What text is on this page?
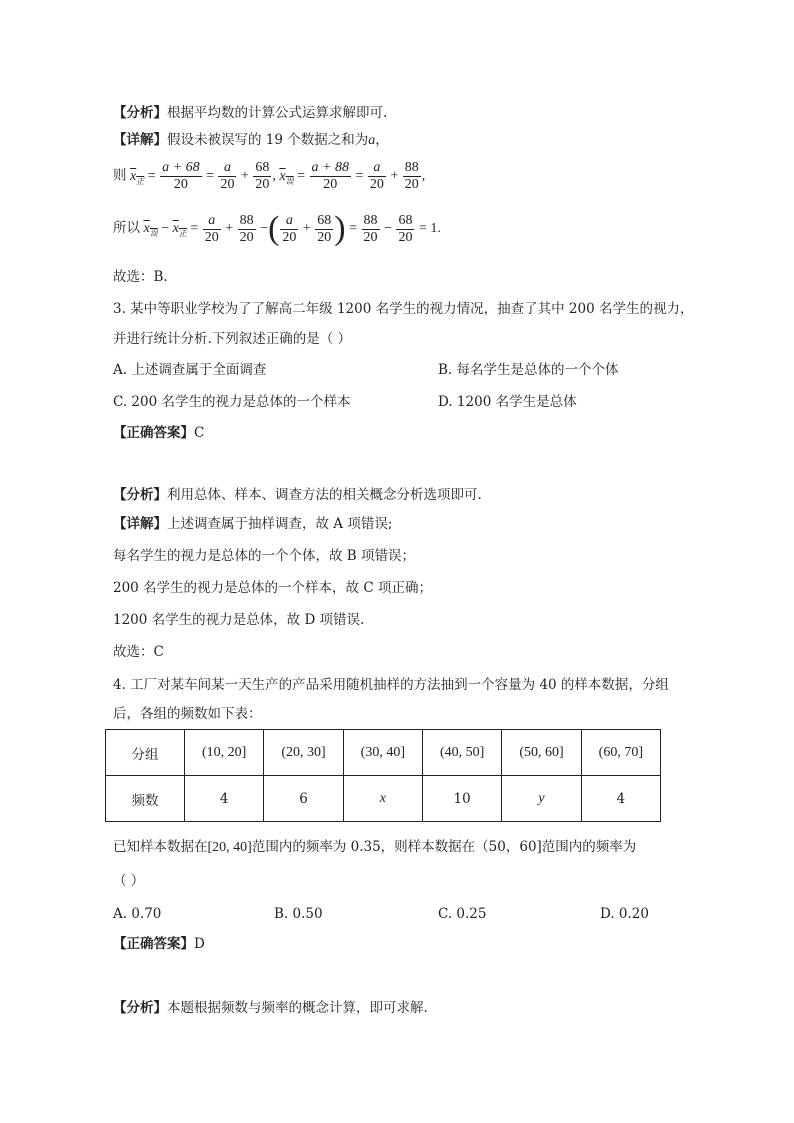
【分析】根据平均数的计算公式运算求解即可.
【详解】假设未被误写的 19 个数据之和为a，
则 $x_正 = \frac{a + 68}{20} = \frac{a}{20} + \frac{68}{20}$ , $x_误 = \frac{a + 88}{20} = \frac{a}{20} + \frac{88}{20}$ ,
所以 $x_误 - x_正 = \frac{a}{20} + \frac{88}{20}$ −( $\frac{a}{20} + \frac{68}{20}$ ) = $\frac{88}{20} - \frac{68}{20} = 1$.
故选：B.
3. 某中等职业学校为了了解高二年级 1200 名学生的视力情况，抽查了其中 200 名学生的视力，
并进行统计分析.下列叙述正确的是（ ）
A. 上述调查属于全面调查	B. 每名学生是总体的一个个体
C. 200 名学生的视力是总体的一个样本	D. 1200 名学生是总体
【正确答案】C
【分析】利用总体、样本、调查方法的相关概念分析选项即可.
【详解】上述调查属于抽样调查，故 A 项错误;
每名学生的视力是总体的一个个体，故 B 项错误；
200 名学生的视力是总体的一个样本，故 C 项正确；
1200 名学生的视力是总体，故 D 项错误.
故选：C
4. 工厂对某车间某一天生产的产品采用随机抽样的方法抽到一个容量为 40 的样本数据，分组
后，各组的频数如下表：
分组	(10, 20]	(20, 30]	(30, 40]	(40, 50]	(50, 60]	(60, 70]
频数	4	6	x	10	y	4
已知样本数据在[20, 40]范围内的频率为 0.35，则样本数据在（50，60]范围内的频率为
（ ）
A. 0.70	B. 0.50	C. 0.25	D. 0.20
【正确答案】D
【分析】本题根据频数与频率的概念计算，即可求解.
